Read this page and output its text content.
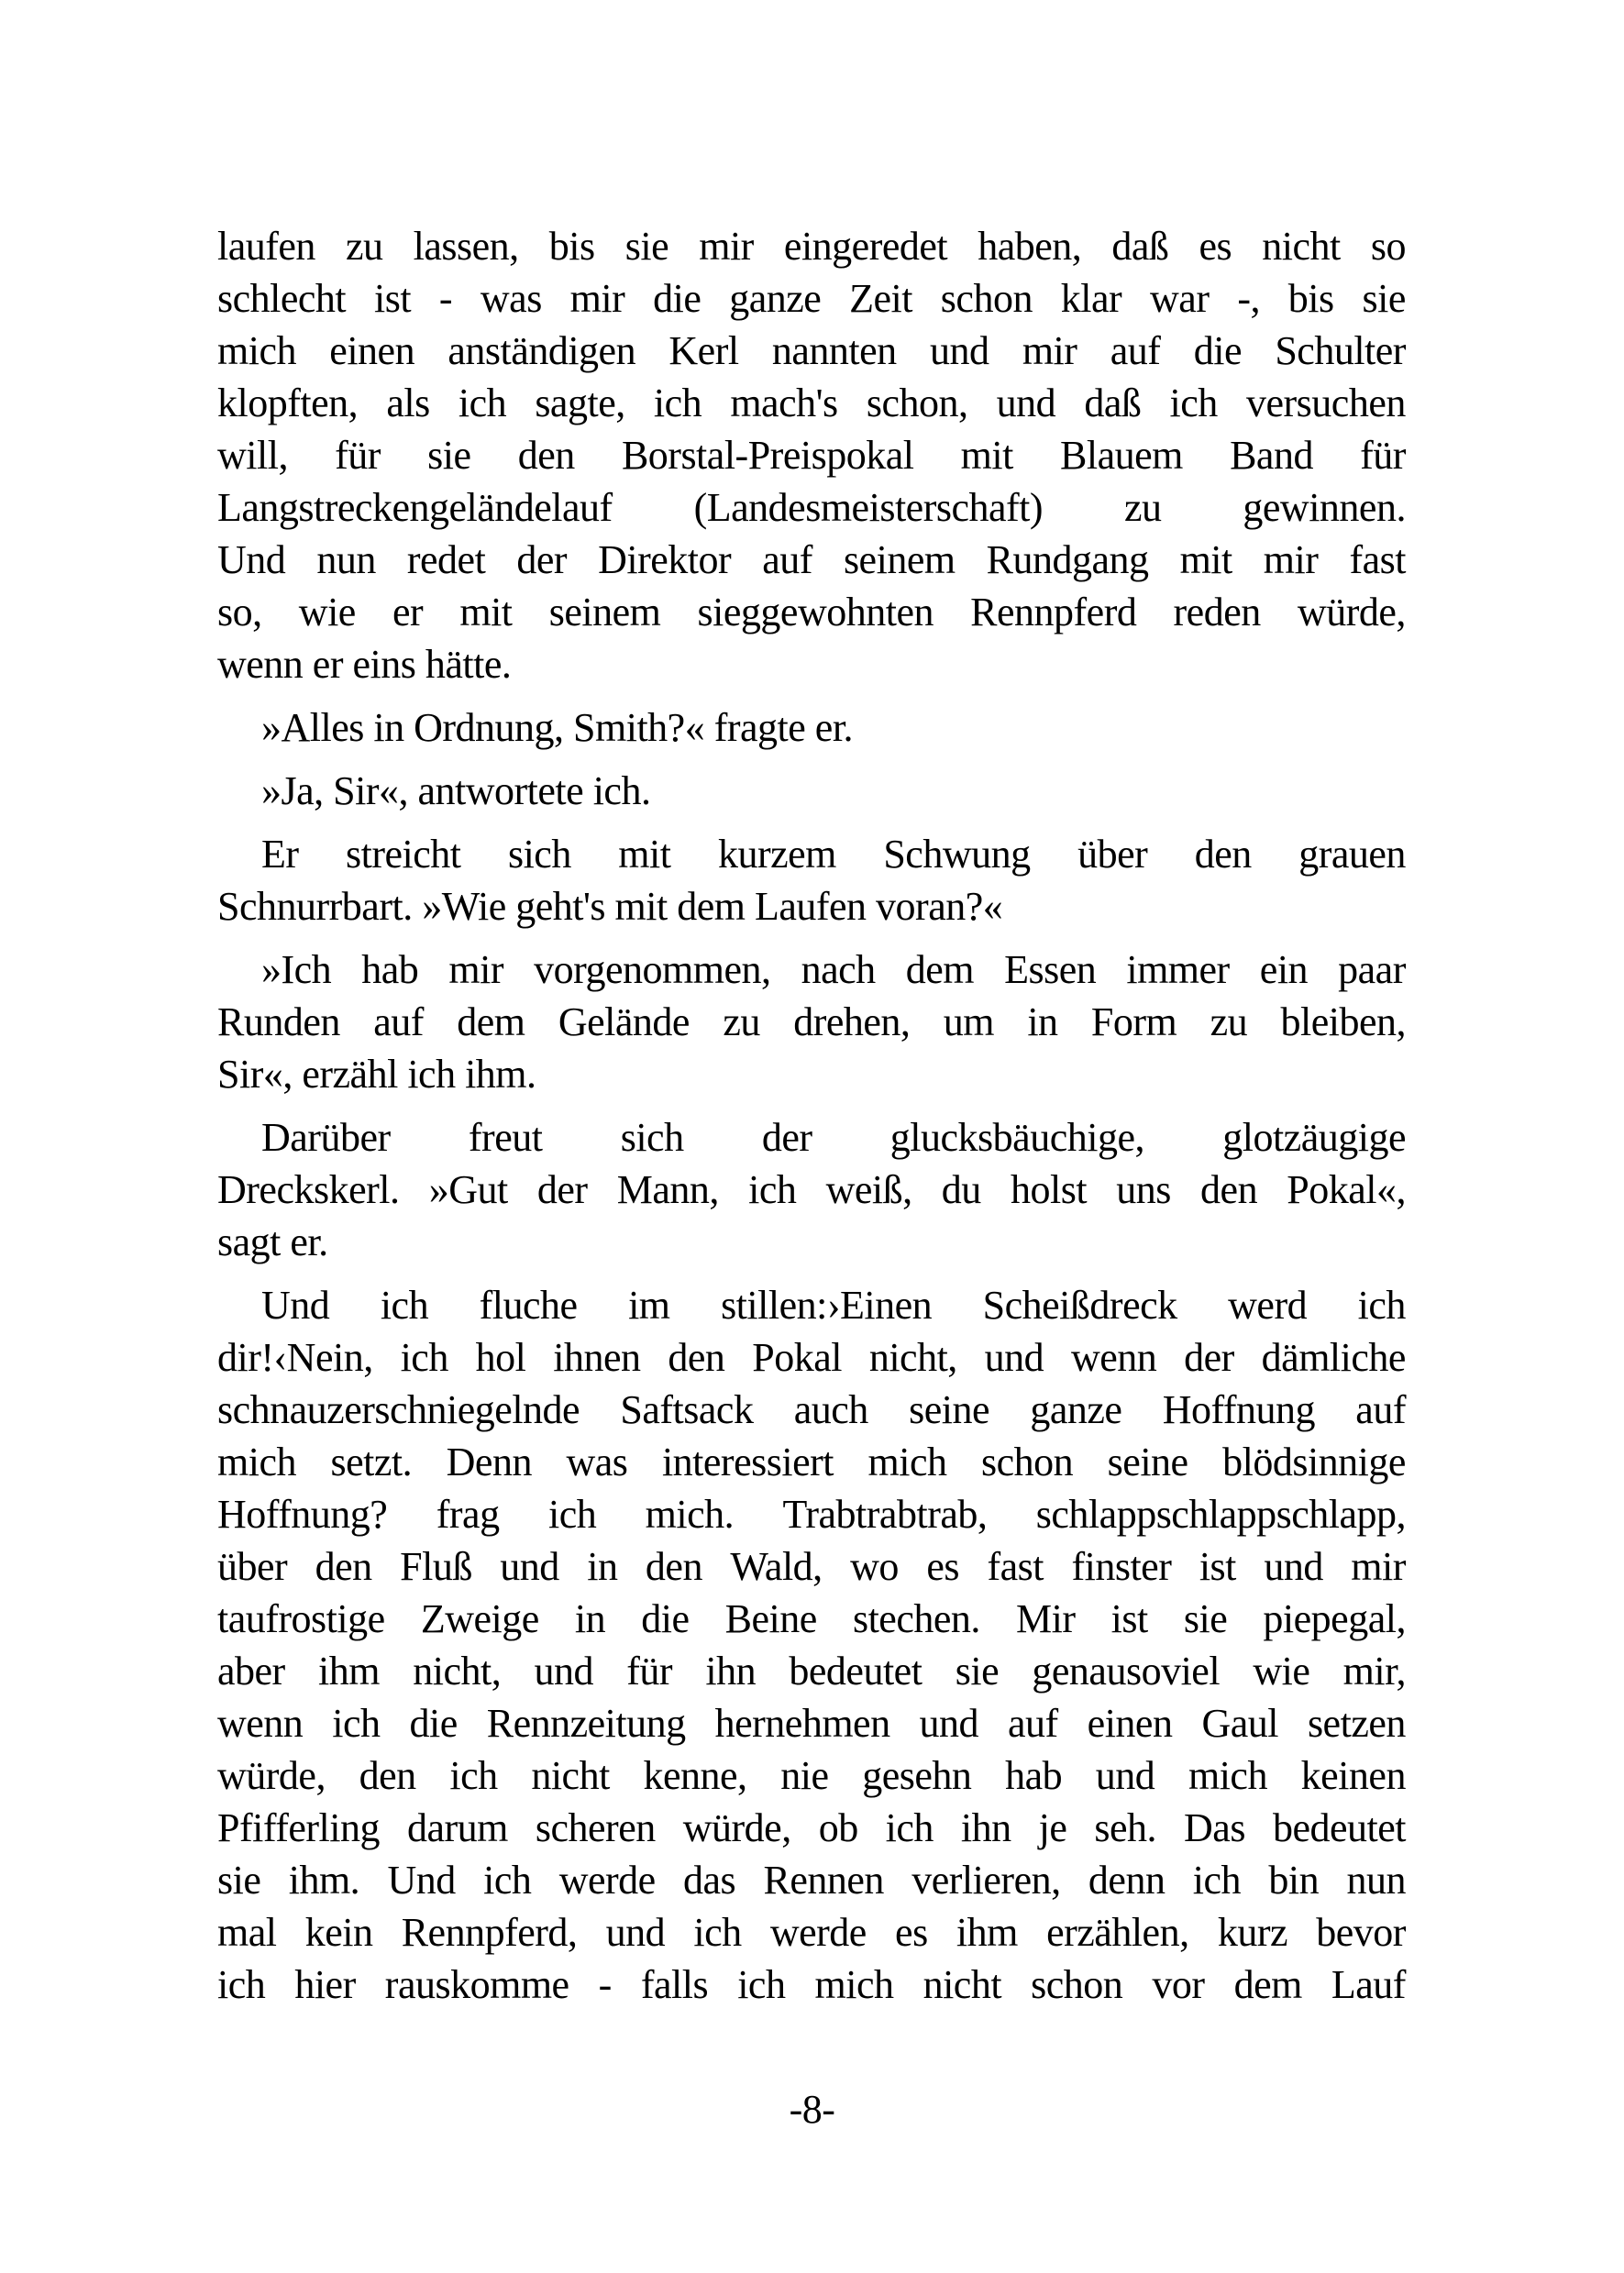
laufen zu lassen, bis sie mir eingeredet haben, daß es nicht so
schlecht ist - was mir die ganze Zeit schon klar war -, bis sie
mich einen anständigen Kerl nannten und mir auf die Schulter
klopften, als ich sagte, ich mach's schon, und daß ich versuchen
will, für sie den Borstal-Preispokal mit Blauem Band für
Langstreckengeländelauf (Landesmeisterschaft) zu gewinnen.
Und nun redet der Direktor auf seinem Rundgang mit mir fast
so, wie er mit seinem sieggewohnten Rennpferd reden würde,
wenn er eins hätte.
»Alles in Ordnung, Smith?« fragte er.
»Ja, Sir«, antwortete ich.
Er streicht sich mit kurzem Schwung über den grauen
Schnurrbart. »Wie geht's mit dem Laufen voran?«
»Ich hab mir vorgenommen, nach dem Essen immer ein paar
Runden auf dem Gelände zu drehen, um in Form zu bleiben,
Sir«, erzähl ich ihm.
Darüber freut sich der glucksbäuchige, glotzäugige
Dreckskerl. »Gut der Mann, ich weiß, du holst uns den Pokal«,
sagt er.
Und ich fluche im stillen:›Einen Scheißdreck werd ich
dir!‹Nein, ich hol ihnen den Pokal nicht, und wenn der dämliche
schnauzerschniegelnde Saftsack auch seine ganze Hoffnung auf
mich setzt. Denn was interessiert mich schon seine blödsinnige
Hoffnung? frag ich mich. Trabtrabtrab, schlappschlappschlapp,
über den Fluß und in den Wald, wo es fast finster ist und mir
taufrostige Zweige in die Beine stechen. Mir ist sie piepegal,
aber ihm nicht, und für ihn bedeutet sie genausoviel wie mir,
wenn ich die Rennzeitung hernehmen und auf einen Gaul setzen
würde, den ich nicht kenne, nie gesehn hab und mich keinen
Pfifferling darum scheren würde, ob ich ihn je seh. Das bedeutet
sie ihm. Und ich werde das Rennen verlieren, denn ich bin nun
mal kein Rennpferd, und ich werde es ihm erzählen, kurz bevor
ich hier rauskomme - falls ich mich nicht schon vor dem Lauf
-8-
